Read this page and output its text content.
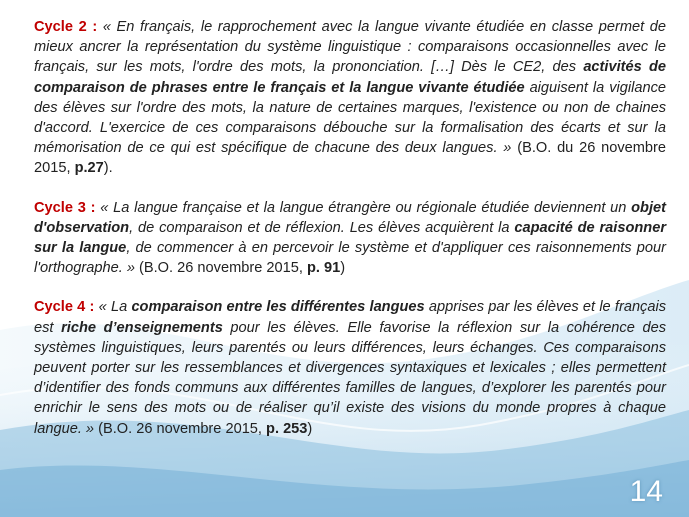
Cycle 2 : « En français, le rapprochement avec la langue vivante étudiée en classe permet de mieux ancrer la représentation du système linguistique : comparaisons occasionnelles avec le français, sur les mots, l'ordre des mots, la prononciation. […] Dès le CE2, des activités de comparaison de phrases entre le français et la langue vivante étudiée aiguisent la vigilance des élèves sur l'ordre des mots, la nature de certaines marques, l'existence ou non de chaines d'accord. L'exercice de ces comparaisons débouche sur la formalisation des écarts et sur la mémorisation de ce qui est spécifique de chacune des deux langues. » (B.O. du 26 novembre 2015, p.27).

Cycle 3 : « La langue française et la langue étrangère ou régionale étudiée deviennent un objet d'observation, de comparaison et de réflexion. Les élèves acquièrent la capacité de raisonner sur la langue, de commencer à en percevoir le système et d'appliquer ces raisonnements pour l'orthographe. » (B.O. 26 novembre 2015, p. 91)

Cycle 4 : « La comparaison entre les différentes langues apprises par les élèves et le français est riche d’enseignements pour les élèves. Elle favorise la réflexion sur la cohérence des systèmes linguistiques, leurs parentés ou leurs différences, leurs échanges. Ces comparaisons peuvent porter sur les ressemblances et divergences syntaxiques et lexicales ; elles permettent d’identifier des fonds communs aux différentes familles de langues, d’explorer les parentés pour enrichir le sens des mots ou de réaliser qu’il existe des visions du monde propres à chaque langue. » (B.O. 26 novembre 2015, p. 253)

14
